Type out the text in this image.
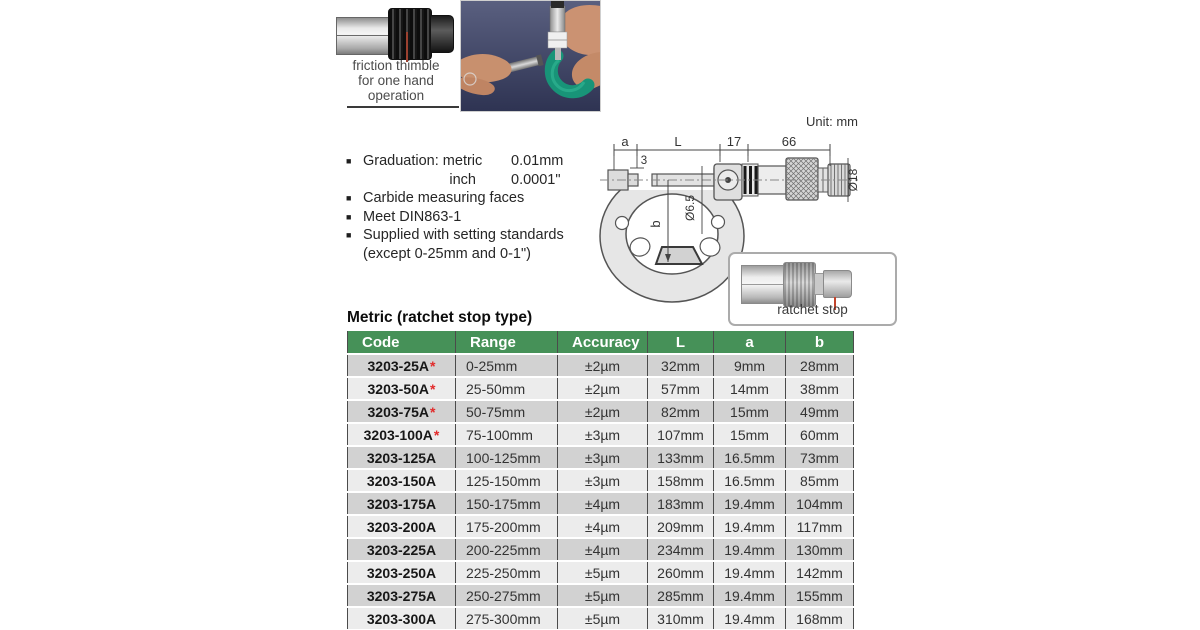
friction thimble
for one hand
operation
■ Graduation: metric	0.01mm
inch	0.0001"
■ Carbide measuring faces
■ Meet DIN863-1
■ Supplied with setting standards
(except 0-25mm and 0-1")
Unit: mm
a	L	17	66
3
Ø6.5
b
Ø18
ratchet stop
Metric (ratchet stop type)
Code	Range	Accuracy	L	a	b
3203-25A*	0-25mm	±2µm	32mm	9mm	28mm
3203-50A*	25-50mm	±2µm	57mm	14mm	38mm
3203-75A*	50-75mm	±2µm	82mm	15mm	49mm
3203-100A*	75-100mm	±3µm	107mm	15mm	60mm
3203-125A	100-125mm	±3µm	133mm	16.5mm	73mm
3203-150A	125-150mm	±3µm	158mm	16.5mm	85mm
3203-175A	150-175mm	±4µm	183mm	19.4mm	104mm
3203-200A	175-200mm	±4µm	209mm	19.4mm	117mm
3203-225A	200-225mm	±4µm	234mm	19.4mm	130mm
3203-250A	225-250mm	±5µm	260mm	19.4mm	142mm
3203-275A	250-275mm	±5µm	285mm	19.4mm	155mm
3203-300A	275-300mm	±5µm	310mm	19.4mm	168mm
